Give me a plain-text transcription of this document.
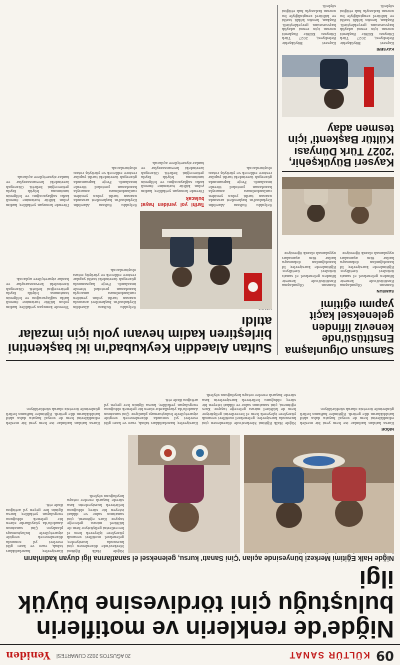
09
KÜLTÜR SANAT
20 AĞUSTOS 2022 CUMARTESİ
Yeniden
Niğde'de renklerin ve motiflerin buluştuğu çini tördivesine büyük ilgi
Niğde Halk Eğitimi Merkezi bünyesinde açılan 'Çini Sanatı' kursu, geleneksel el sanatlarına ilgi duyan kadınların
Niğde Halk Eğitimi Merkezi'nde düzenlenen çini kursunda kursiyerler, geleneksel motifleri seramik yüzeylere işleyerek hem el becerilerini geliştiriyor hem de kültürel mirası geleceğe taşıyor. Kurs eğitmeni, çini sanatının sabır ve dikkat isteyen bir süreç olduğunu belirterek kursiyerlerin kısa sürede başarılı eserler ortaya koyduğunu söyledi.
Kursiyerler, hazırladıkları tabak, vazo ve karo gibi eserleri yıl sonunda düzenlenecek sergide ziyaretçilerle buluşturmayı planlıyor. Çini sanatının Anadolu'da yüzyıllardır süren bir gelenek olduğunu vurgulayan yetkililer, kursa ilginin her geçen yıl arttığını ifade etti.
NİĞDE
Kursa katılan kadınlar ise hem yeni bir meslek edindiklerini hem de sosyal hayata daha aktif katıldıklarını dile getirdi. Eğitimler haftanın belirli günlerinde ücretsiz olarak sürdürülüyor.
Niğde Halk Eğitimi Merkezi'nde düzenlenen çini kursunda kursiyerler, geleneksel motifleri seramik yüzeylere işleyerek hem el becerilerini geliştiriyor hem de kültürel mirası geleceğe taşıyor. Kurs eğitmeni, çini sanatının sabır ve dikkat isteyen bir süreç olduğunu belirterek kursiyerlerin kısa sürede başarılı eserler ortaya koyduğunu söyledi.
Kursiyerler, hazırladıkları tabak, vazo ve karo gibi eserleri yıl sonunda düzenlenecek sergide ziyaretçilerle buluşturmayı planlıyor. Çini sanatının Anadolu'da yüzyıllardır süren bir gelenek olduğunu vurgulayan yetkililer, kursa ilginin her geçen yıl arttığını ifade etti.
Kursa katılan kadınlar ise hem yeni bir meslek edindiklerini hem de sosyal hayata daha aktif katıldıklarını dile getirdi. Eğitimler haftanın belirli günlerinde ücretsiz olarak sürdürülüyor.
Samsun Olgunlaşma Enstitüsü'nde keneviz lifinden geleneksel kaçit yapımı eğitimi
SAMSUN
Samsun Olgunlaşma Enstitüsü'nde kenevir lifinden geleneksel el sanatı ürünleri üretiliyor. Eğitimlerde kursiyerler, lif hazırlığından dokumaya kadar tüm aşamaları uygulamalı olarak öğreniyor.
Samsun Olgunlaşma Enstitüsü'nde kenevir lifinden geleneksel el sanatı ürünleri üretiliyor. Eğitimlerde kursiyerler, lif hazırlığından dokumaya kadar tüm aşamaları uygulamalı olarak öğreniyor.
Kayseri Büyükşehir, '2027 Türk Dünyası Kültür Başkenti' için tesmen aday
KAYSERİ
Kayseri Büyükşehir Belediyesi, 2027 Türk Dünyası Kültür Başkenti unvanı için resmi adaylık başvurusunu gerçekleştirdi. Başkan, kentin köklü tarihi ve kültürel zenginliğiyle bu unvanı fazlasıyla hak ettiğini söyledi.
Kayseri Büyükşehir Belediyesi, 2027 Türk Dünyası Kültür Başkenti unvanı için resmi adaylık başvurusunu gerçekleştirdi. Başkan, kentin köklü tarihi ve kültürel zenginliğiyle bu unvanı fazlasıyla hak ettiğini söyledi.
Sultan Alaeddin Keykubad'ın iki başkentini birleştiren kadim hevanı yolu için imzalar atıldı
Selçuklu Sultanı Alaeddin Keykubad'ın başkentleri arasında uzanan tarihi yolun yeniden canlandırılması amacıyla hazırlanan protokol törenle imzalandı. Proje kapsamında güzergah üzerindeki tarihi yapılar restore edilecek ve yürüyüş rotası oluşturulacak.
Törende konuşan yetkililer, kadim yolun kültür turizmine önemli katkı sağlayacağını ve bölgenin tanıtımına büyük fayda getireceğini belirtti. Güzergah üzerindeki kervansaraylar ve hanlar ziyaretçilere açılacak.
Selçuklu Sultanı Alaeddin Keykubad'ın başkentleri arasında uzanan tarihi yolun yeniden canlandırılması amacıyla hazırlanan protokol törenle imzalandı. Proje kapsamında güzergah üzerindeki tarihi yapılar restore edilecek ve yürüyüş rotası oluşturulacak.
Tarihi yol yeniden hayat bulacak
Törende konuşan yetkililer, kadim yolun kültür turizmine önemli katkı sağlayacağını ve bölgenin tanıtımına büyük fayda getireceğini belirtti. Güzergah üzerindeki kervansaraylar ve hanlar ziyaretçilere açılacak.
Selçuklu Sultanı Alaeddin Keykubad'ın başkentleri arasında uzanan tarihi yolun yeniden canlandırılması amacıyla hazırlanan protokol törenle imzalandı. Proje kapsamında güzergah üzerindeki tarihi yapılar restore edilecek ve yürüyüş rotası oluşturulacak.
Törende konuşan yetkililer, kadim yolun kültür turizmine önemli katkı sağlayacağını ve bölgenin tanıtımına büyük fayda getireceğini belirtti. Güzergah üzerindeki kervansaraylar ve hanlar ziyaretçilere açılacak.
